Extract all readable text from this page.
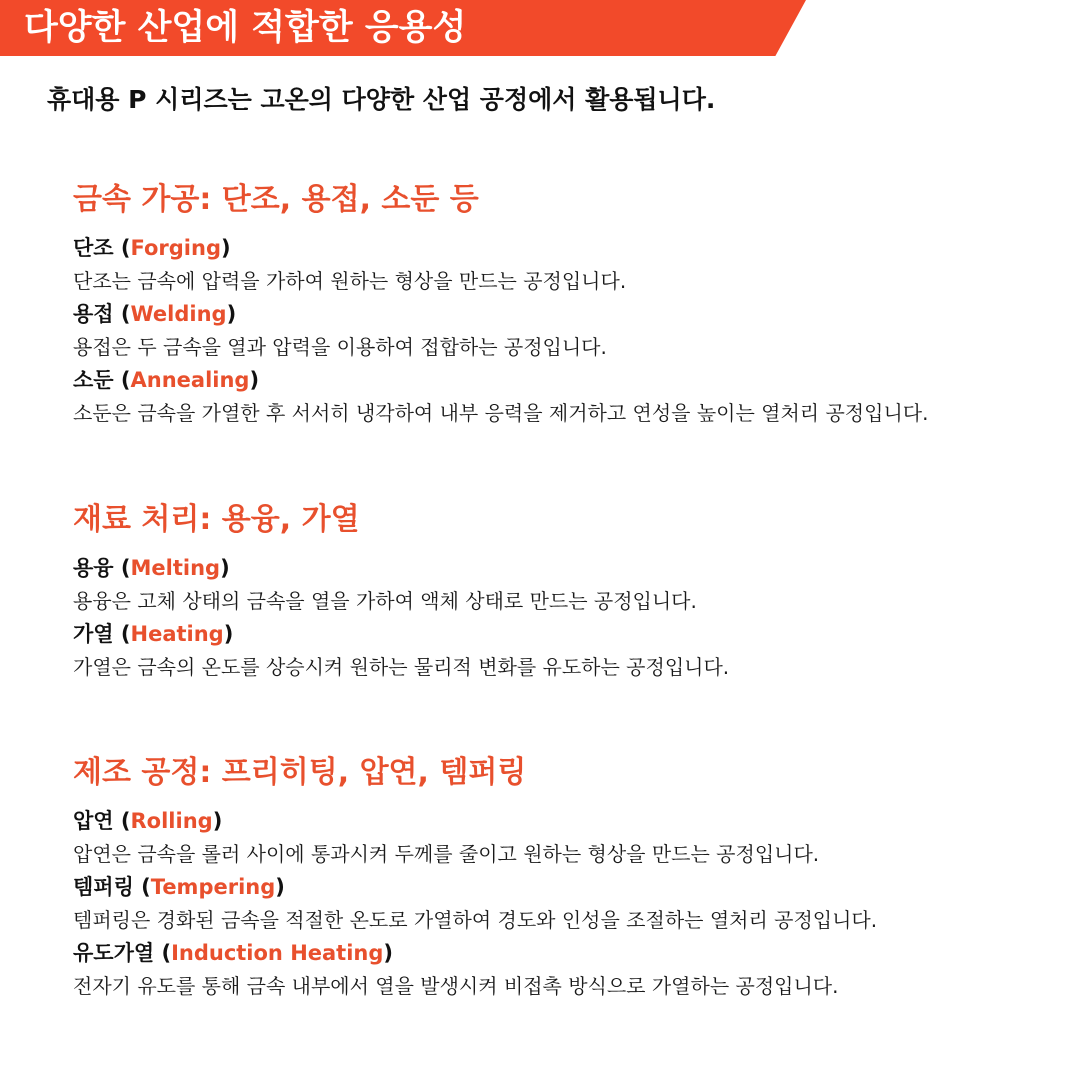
다양한 산업에 적합한 응용성
휴대용 P 시리즈는 고온의 다양한 산업 공정에서 활용됩니다.
금속 가공: 단조, 용접, 소둔 등
단조 (Forging)
단조는 금속에 압력을 가하여 원하는 형상을 만드는 공정입니다.
용접 (Welding)
용접은 두 금속을 열과 압력을 이용하여 접합하는 공정입니다.
소둔 (Annealing)
소둔은 금속을 가열한 후 서서히 냉각하여 내부 응력을 제거하고 연성을 높이는 열처리 공정입니다.
재료 처리: 용융, 가열
용융 (Melting)
용융은 고체 상태의 금속을 열을 가하여 액체 상태로 만드는 공정입니다.
가열 (Heating)
가열은 금속의 온도를 상승시켜 원하는 물리적 변화를 유도하는 공정입니다.
제조 공정: 프리히팅, 압연, 템퍼링
압연 (Rolling)
압연은 금속을 롤러 사이에 통과시켜 두께를 줄이고 원하는 형상을 만드는 공정입니다.
템퍼링 (Tempering)
템퍼링은 경화된 금속을 적절한 온도로 가열하여 경도와 인성을 조절하는 열처리 공정입니다.
유도가열 (Induction Heating)
전자기 유도를 통해 금속 내부에서 열을 발생시켜 비접촉 방식으로 가열하는 공정입니다.
